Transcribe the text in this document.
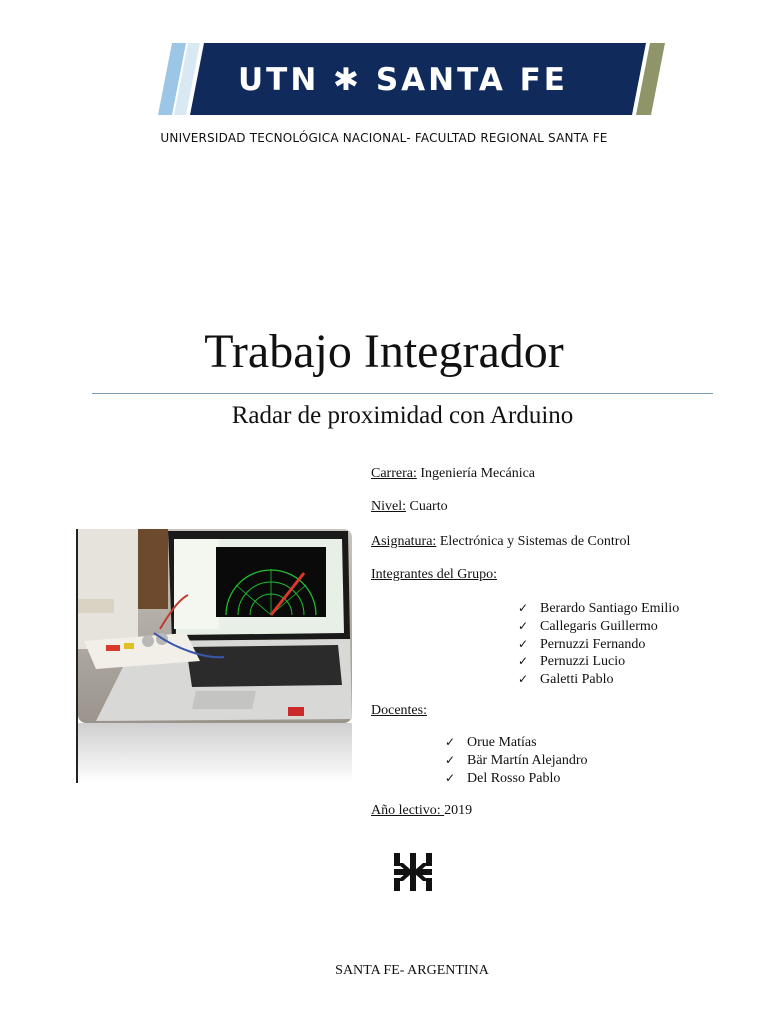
UTN ✱ SANTA FE
UNIVERSIDAD TECNOLÓGICA NACIONAL- FACULTAD REGIONAL SANTA FE
Trabajo Integrador
Radar de proximidad con Arduino
Carrera: Ingeniería Mecánica
Nivel: Cuarto
Asignatura: Electrónica y Sistemas de Control
Integrantes del Grupo:
✓ Berardo Santiago Emilio
✓ Callegaris Guillermo
✓ Pernuzzi Fernando
✓ Pernuzzi Lucio
✓ Galetti Pablo
Docentes:
✓ Orue Matías
✓ Bär Martín Alejandro
✓ Del Rosso Pablo
Año lectivo: 2019
SANTA FE- ARGENTINA
